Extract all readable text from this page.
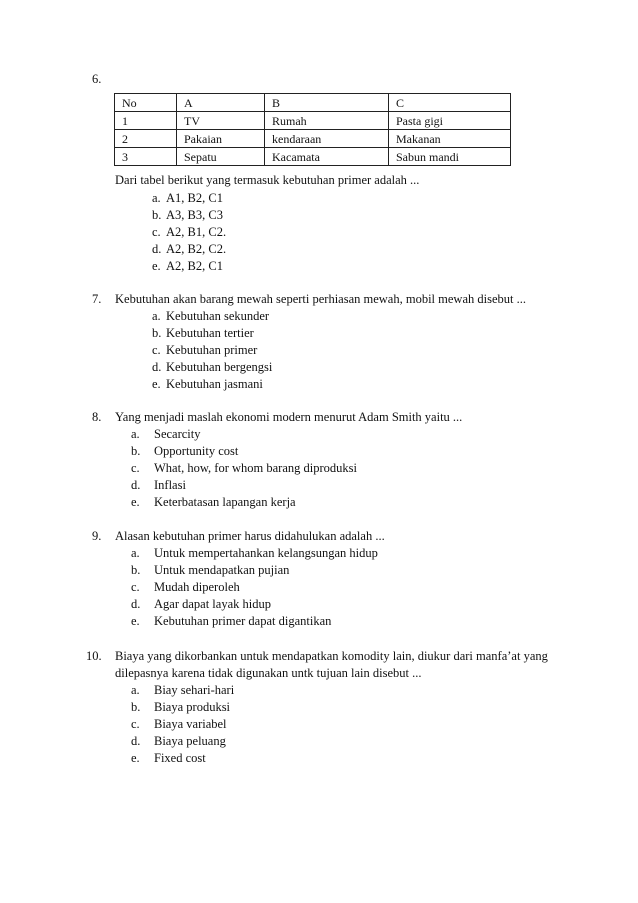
6.
No	A	B	C
1	TV	Rumah	Pasta gigi
2	Pakaian	kendaraan	Makanan
3	Sepatu	Kacamata	Sabun mandi
Dari tabel berikut yang termasuk kebutuhan primer adalah ...
a. A1, B2, C1
b. A3, B3, C3
c. A2, B1, C2.
d. A2, B2, C2.
e. A2, B2, C1
7. Kebutuhan akan barang mewah seperti perhiasan mewah, mobil mewah disebut ...
a. Kebutuhan sekunder
b. Kebutuhan tertier
c. Kebutuhan primer
d. Kebutuhan bergengsi
e. Kebutuhan jasmani
8. Yang menjadi maslah ekonomi modern menurut Adam Smith yaitu ...
a. Secarcity
b. Opportunity cost
c. What, how, for whom barang diproduksi
d. Inflasi
e. Keterbatasan lapangan kerja
9. Alasan kebutuhan primer harus didahulukan adalah ...
a. Untuk mempertahankan kelangsungan hidup
b. Untuk mendapatkan pujian
c. Mudah diperoleh
d. Agar dapat layak hidup
e. Kebutuhan primer dapat digantikan
10. Biaya yang dikorbankan untuk mendapatkan komodity lain, diukur dari manfa’at yang
dilepasnya karena tidak digunakan untk tujuan lain disebut ...
a. Biay sehari-hari
b. Biaya produksi
c. Biaya variabel
d. Biaya peluang
e. Fixed cost
